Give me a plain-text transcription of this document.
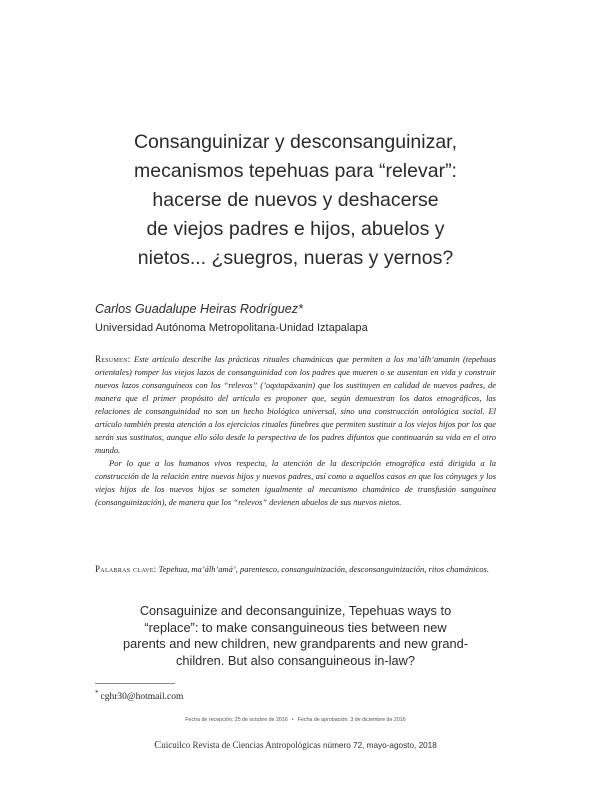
Consanguinizar y desconsanguinizar,
mecanismos tepehuas para “relevar”:
hacerse de nuevos y deshacerse
de viejos padres e hijos, abuelos y
nietos... ¿suegros, nueras y yernos?
Carlos Guadalupe Heiras Rodríguez*
Universidad Autónoma Metropolitana-Unidad Iztapalapa

Resumen: Este artículo describe las prácticas rituales chamánicas que permiten a los ma’álh’amanin (tepehuas orientales) romper los viejos lazos de consanguinidad con los padres que mueren o se ausentan en vida y construir nuevos lazos consanguíneos con los “relevos” (’oqxtapáxanin) que los sustituyen en calidad de nuevos padres, de manera que el primer propósito del artículo es proponer que, según demuestran los datos etnográficos, las relaciones de consanguinidad no son un hecho biológico universal, sino una construcción ontológica social. El artículo también presta atención a los ejercicios rituales fúnebres que permiten sustituir a los viejos hijos por los que serán sus sustitutos, aunque ello sólo desde la perspectiva de los padres difuntos que continuarán su vida en el otro mundo.

Por lo que a los humanos vivos respecta, la atención de la descripción etnográfica está dirigida a la construcción de la relación entre nuevos hijos y nuevos padres, así como a aquellos casos en que los cónyuges y los viejos hijos de los nuevos hijos se someten igualmente al mecanismo chamánico de transfusión sanguínea (consanguinización), de manera que los “relevos” devienen abuelos de sus nuevos nietos.

Palabras clave: Tepehua, ma’álh’amá’, parentesco, consanguinización, desconsanguinización, ritos chamánicos.

Consaguinize and deconsanguinize, Tepehuas ways to
“replace”: to make consanguineous ties between new
parents and new children, new grandparents and new grand-
children. But also consanguineous in-law?
* cghr30@hotmail.com
Fecha de recepción: 25 de octubre de 2016 • Fecha de aprobación: 3 de diciembre de 2016
Cuicuilco Revista de Ciencias Antropológicas número 72, mayo-agosto, 2018
